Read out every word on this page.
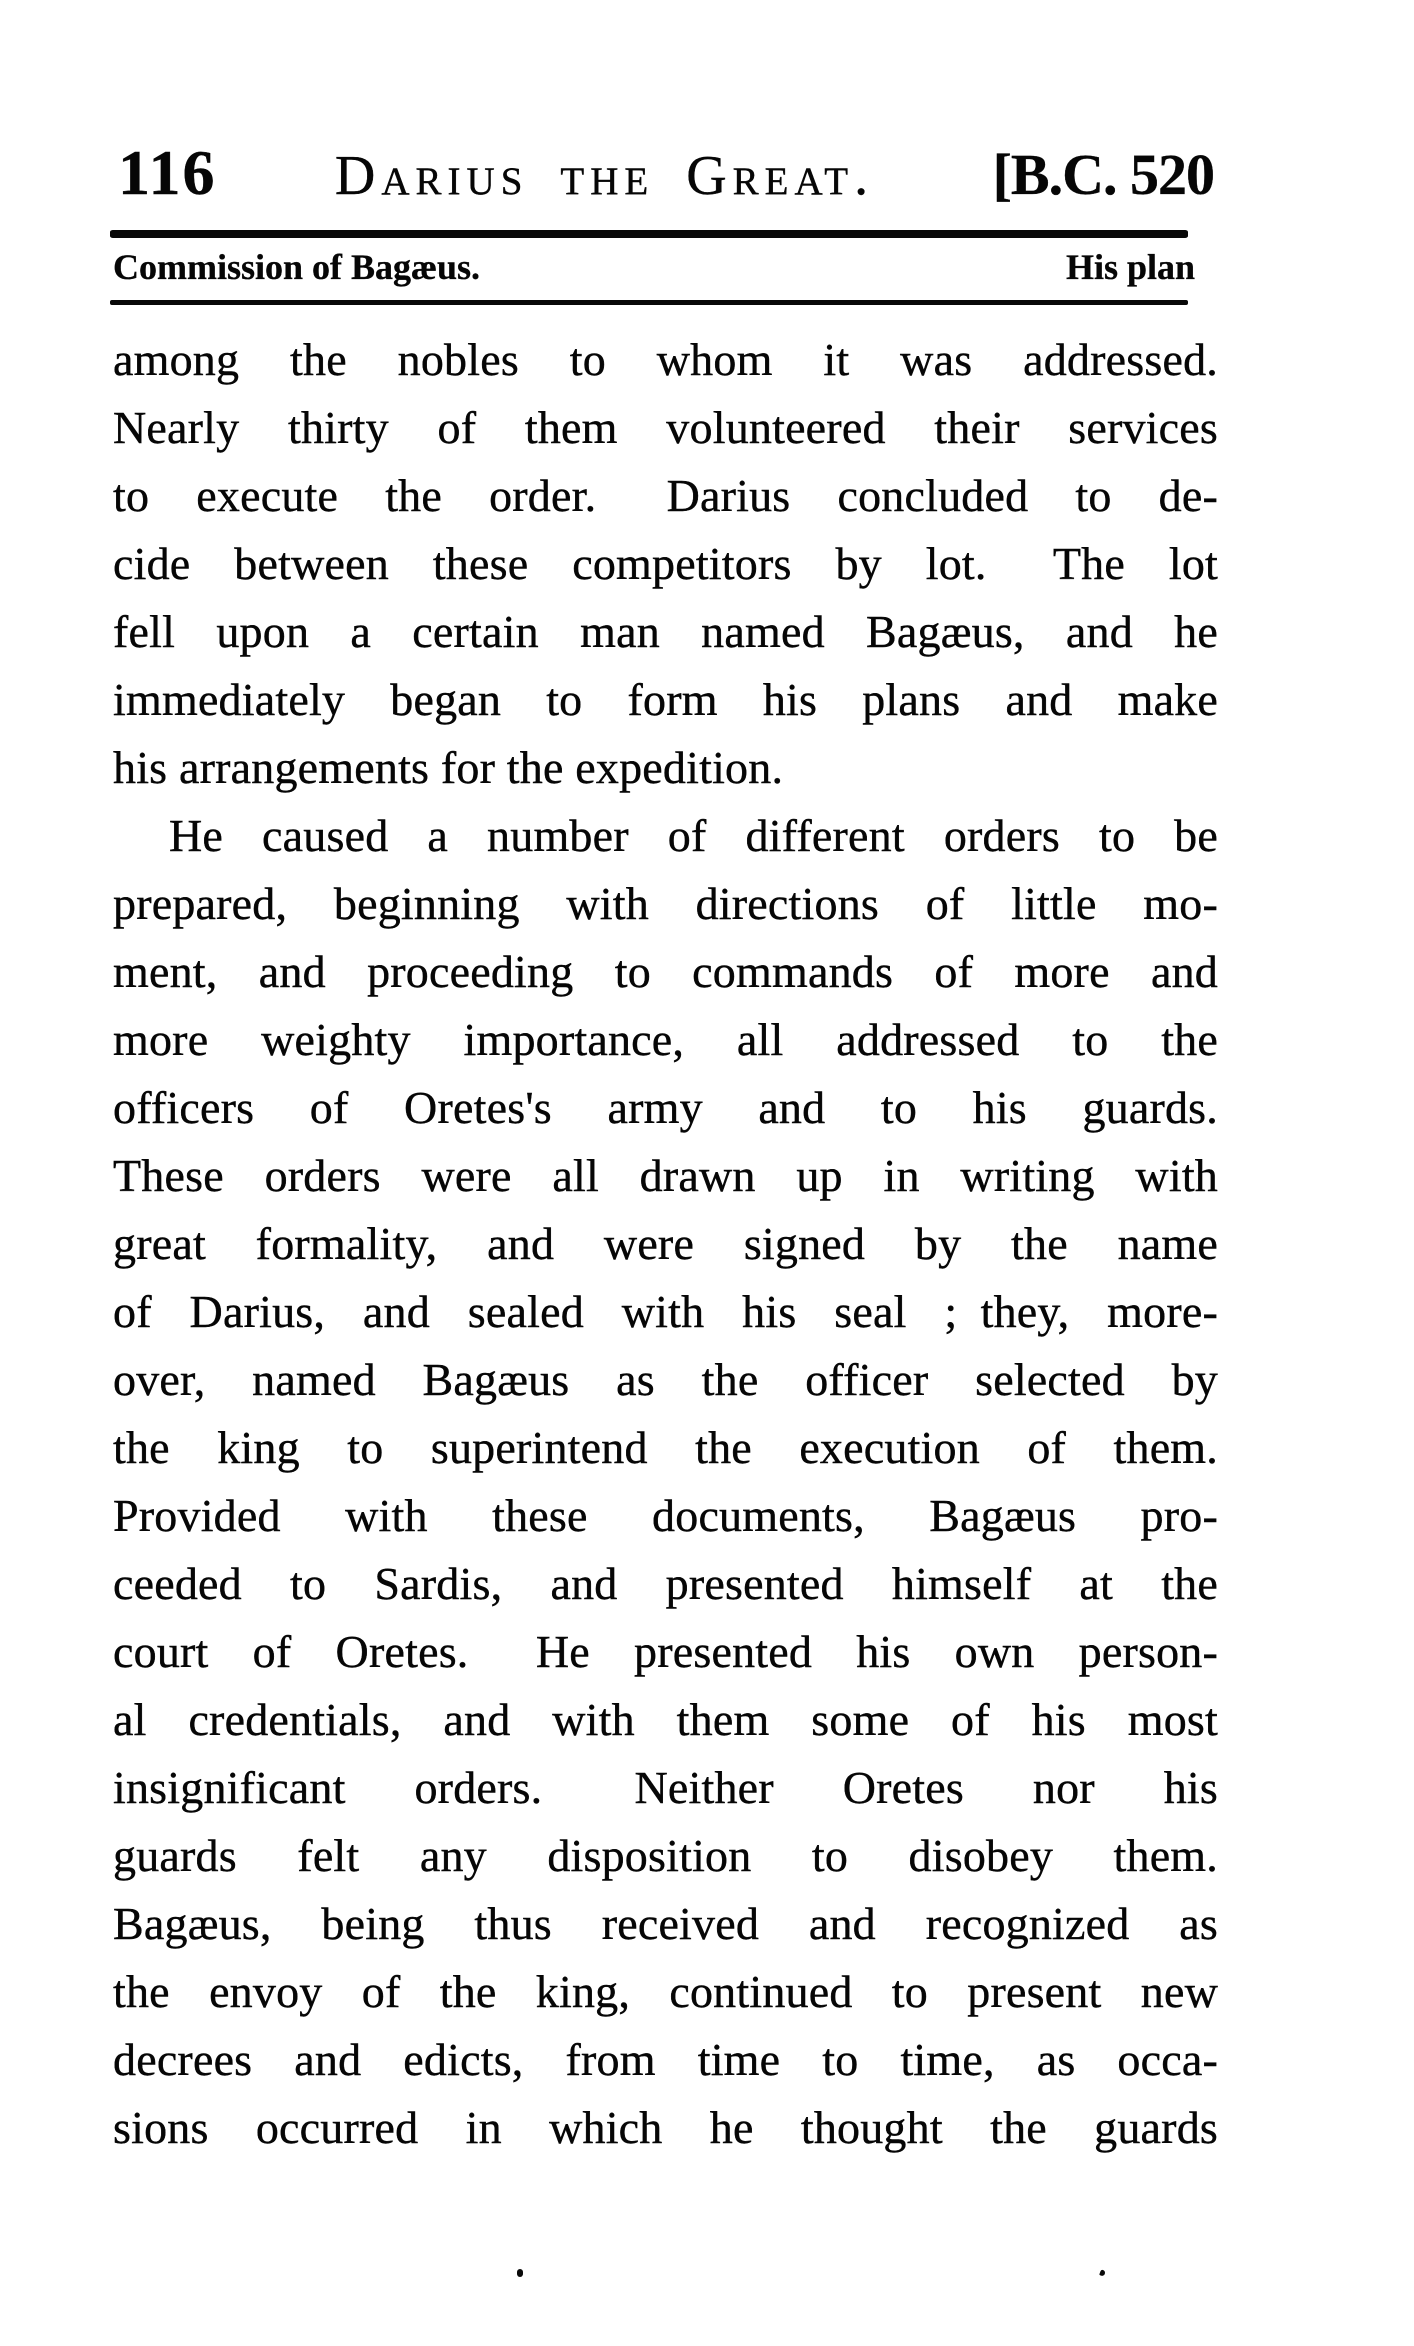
116 Darius the Great. [B.C. 520
Commission of Bagæus.	His plan
among the nobles to whom it was addressed.
Nearly thirty of them volunteered their services
to execute the order.  Darius concluded to de-
cide between these competitors by lot.  The lot
fell upon a certain man named Bagæus, and he
immediately began to form his plans and make
his arrangements for the expedition.
He caused a number of different orders to be
prepared, beginning with directions of little mo-
ment, and proceeding to commands of more and
more weighty importance, all addressed to the
officers of Oretes's army and to his guards.
These orders were all drawn up in writing with
great formality, and were signed by the name
of Darius, and sealed with his seal ; they, more-
over, named Bagæus as the officer selected by
the king to superintend the execution of them.
Provided with these documents, Bagæus pro-
ceeded to Sardis, and presented himself at the
court of Oretes.  He presented his own person-
al credentials, and with them some of his most
insignificant orders.  Neither Oretes nor his
guards felt any disposition to disobey them.
Bagæus, being thus received and recognized as
the envoy of the king, continued to present new
decrees and edicts, from time to time, as occa-
sions occurred in which he thought the guards
